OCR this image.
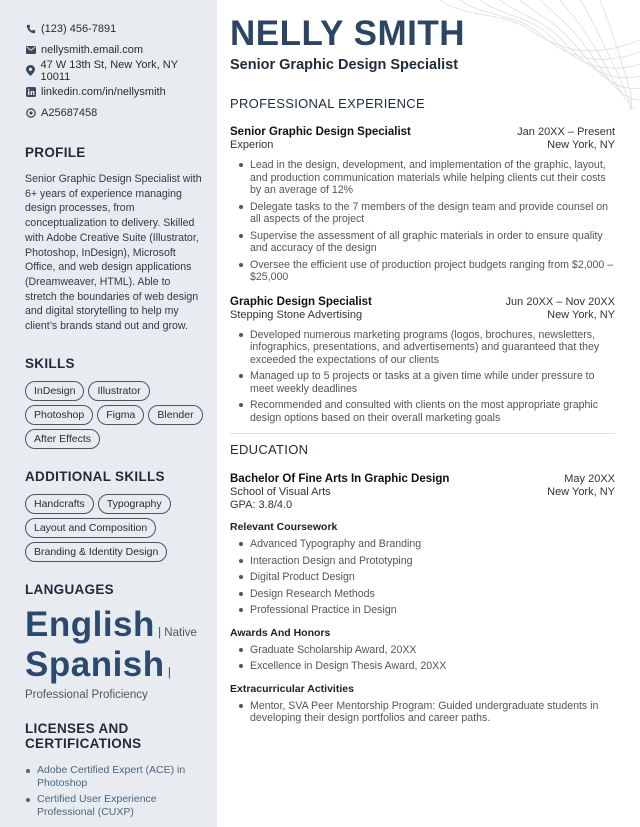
(123) 456-7891
nellysmith.email.com
47 W 13th St, New York, NY 10011
linkedin.com/in/nellysmith
A25687458
PROFILE

Senior Graphic Design Specialist with 6+ years of experience managing design processes, from conceptualization to delivery. Skilled with Adobe Creative Suite (Illustrator, Photoshop, InDesign), Microsoft Office, and web design applications (Dreamweaver, HTML). Able to stretch the boundaries of web design and digital storytelling to help my client’s brands stand out and grow.

SKILLS
InDesign	Illustrator
Photoshop	Figma	Blender
After Effects
ADDITIONAL SKILLS
Handcrafts	Typography
Layout and Composition
Branding & Identity Design
LANGUAGES
English | Native
Spanish | Professional Proficiency
LICENSES AND CERTIFICATIONS
Adobe Certified Expert (ACE) in Photoshop
Certified User Experience Professional (CUXP)
NELLY SMITH
Senior Graphic Design Specialist
PROFESSIONAL EXPERIENCE
Senior Graphic Design Specialist	Jan 20XX – Present
Experion	New York, NY
Lead in the design, development, and implementation of the graphic, layout, and production communication materials while helping clients cut their costs by an average of 12%
Delegate tasks to the 7 members of the design team and provide counsel on all aspects of the project
Supervise the assessment of all graphic materials in order to ensure quality and accuracy of the design
Oversee the efficient use of production project budgets ranging from $2,000 – $25,000
Graphic Design Specialist	Jun 20XX – Nov 20XX
Stepping Stone Advertising	New York, NY
Developed numerous marketing programs (logos, brochures, newsletters, infographics, presentations, and advertisements) and guaranteed that they exceeded the expectations of our clients
Managed up to 5 projects or tasks at a given time while under pressure to meet weekly deadlines
Recommended and consulted with clients on the most appropriate graphic design options based on their overall marketing goals
EDUCATION
Bachelor Of Fine Arts In Graphic Design	May 20XX
School of Visual Arts	New York, NY
GPA: 3.8/4.0
Relevant Coursework
Advanced Typography and Branding
Interaction Design and Prototyping
Digital Product Design
Design Research Methods
Professional Practice in Design
Awards And Honors
Graduate Scholarship Award, 20XX
Excellence in Design Thesis Award, 20XX
Extracurricular Activities
Mentor, SVA Peer Mentorship Program: Guided undergraduate students in developing their design portfolios and career paths.
